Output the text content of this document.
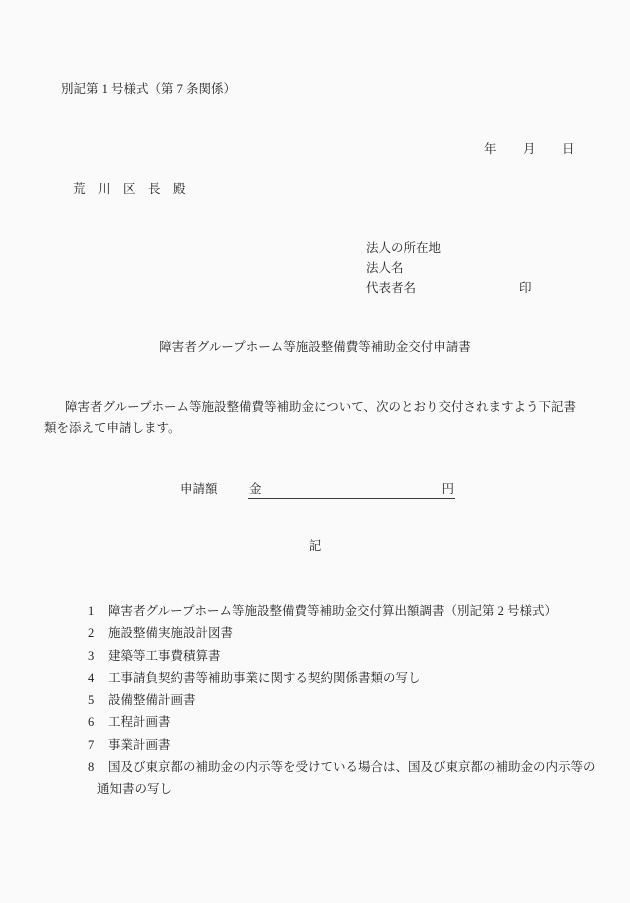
別記第 1 号様式（第 7 条関係）
年　　月　　日
荒　川　区　長　殿
法人の所在地
法人名
代表者名	印
障害者グループホーム等施設整備費等補助金交付申請書
障害者グループホーム等施設整備費等補助金について、次のとおり交付されますよう下記書
類を添えて申請します。
申請額	金	円
記
1 障害者グループホーム等施設整備費等補助金交付算出額調書（別記第 2 号様式）
2 施設整備実施設計図書
3 建築等工事費積算書
4 工事請負契約書等補助事業に関する契約関係書類の写し
5 設備整備計画書
6 工程計画書
7 事業計画書
8 国及び東京都の補助金の内示等を受けている場合は、国及び東京都の補助金の内示等の
通知書の写し
